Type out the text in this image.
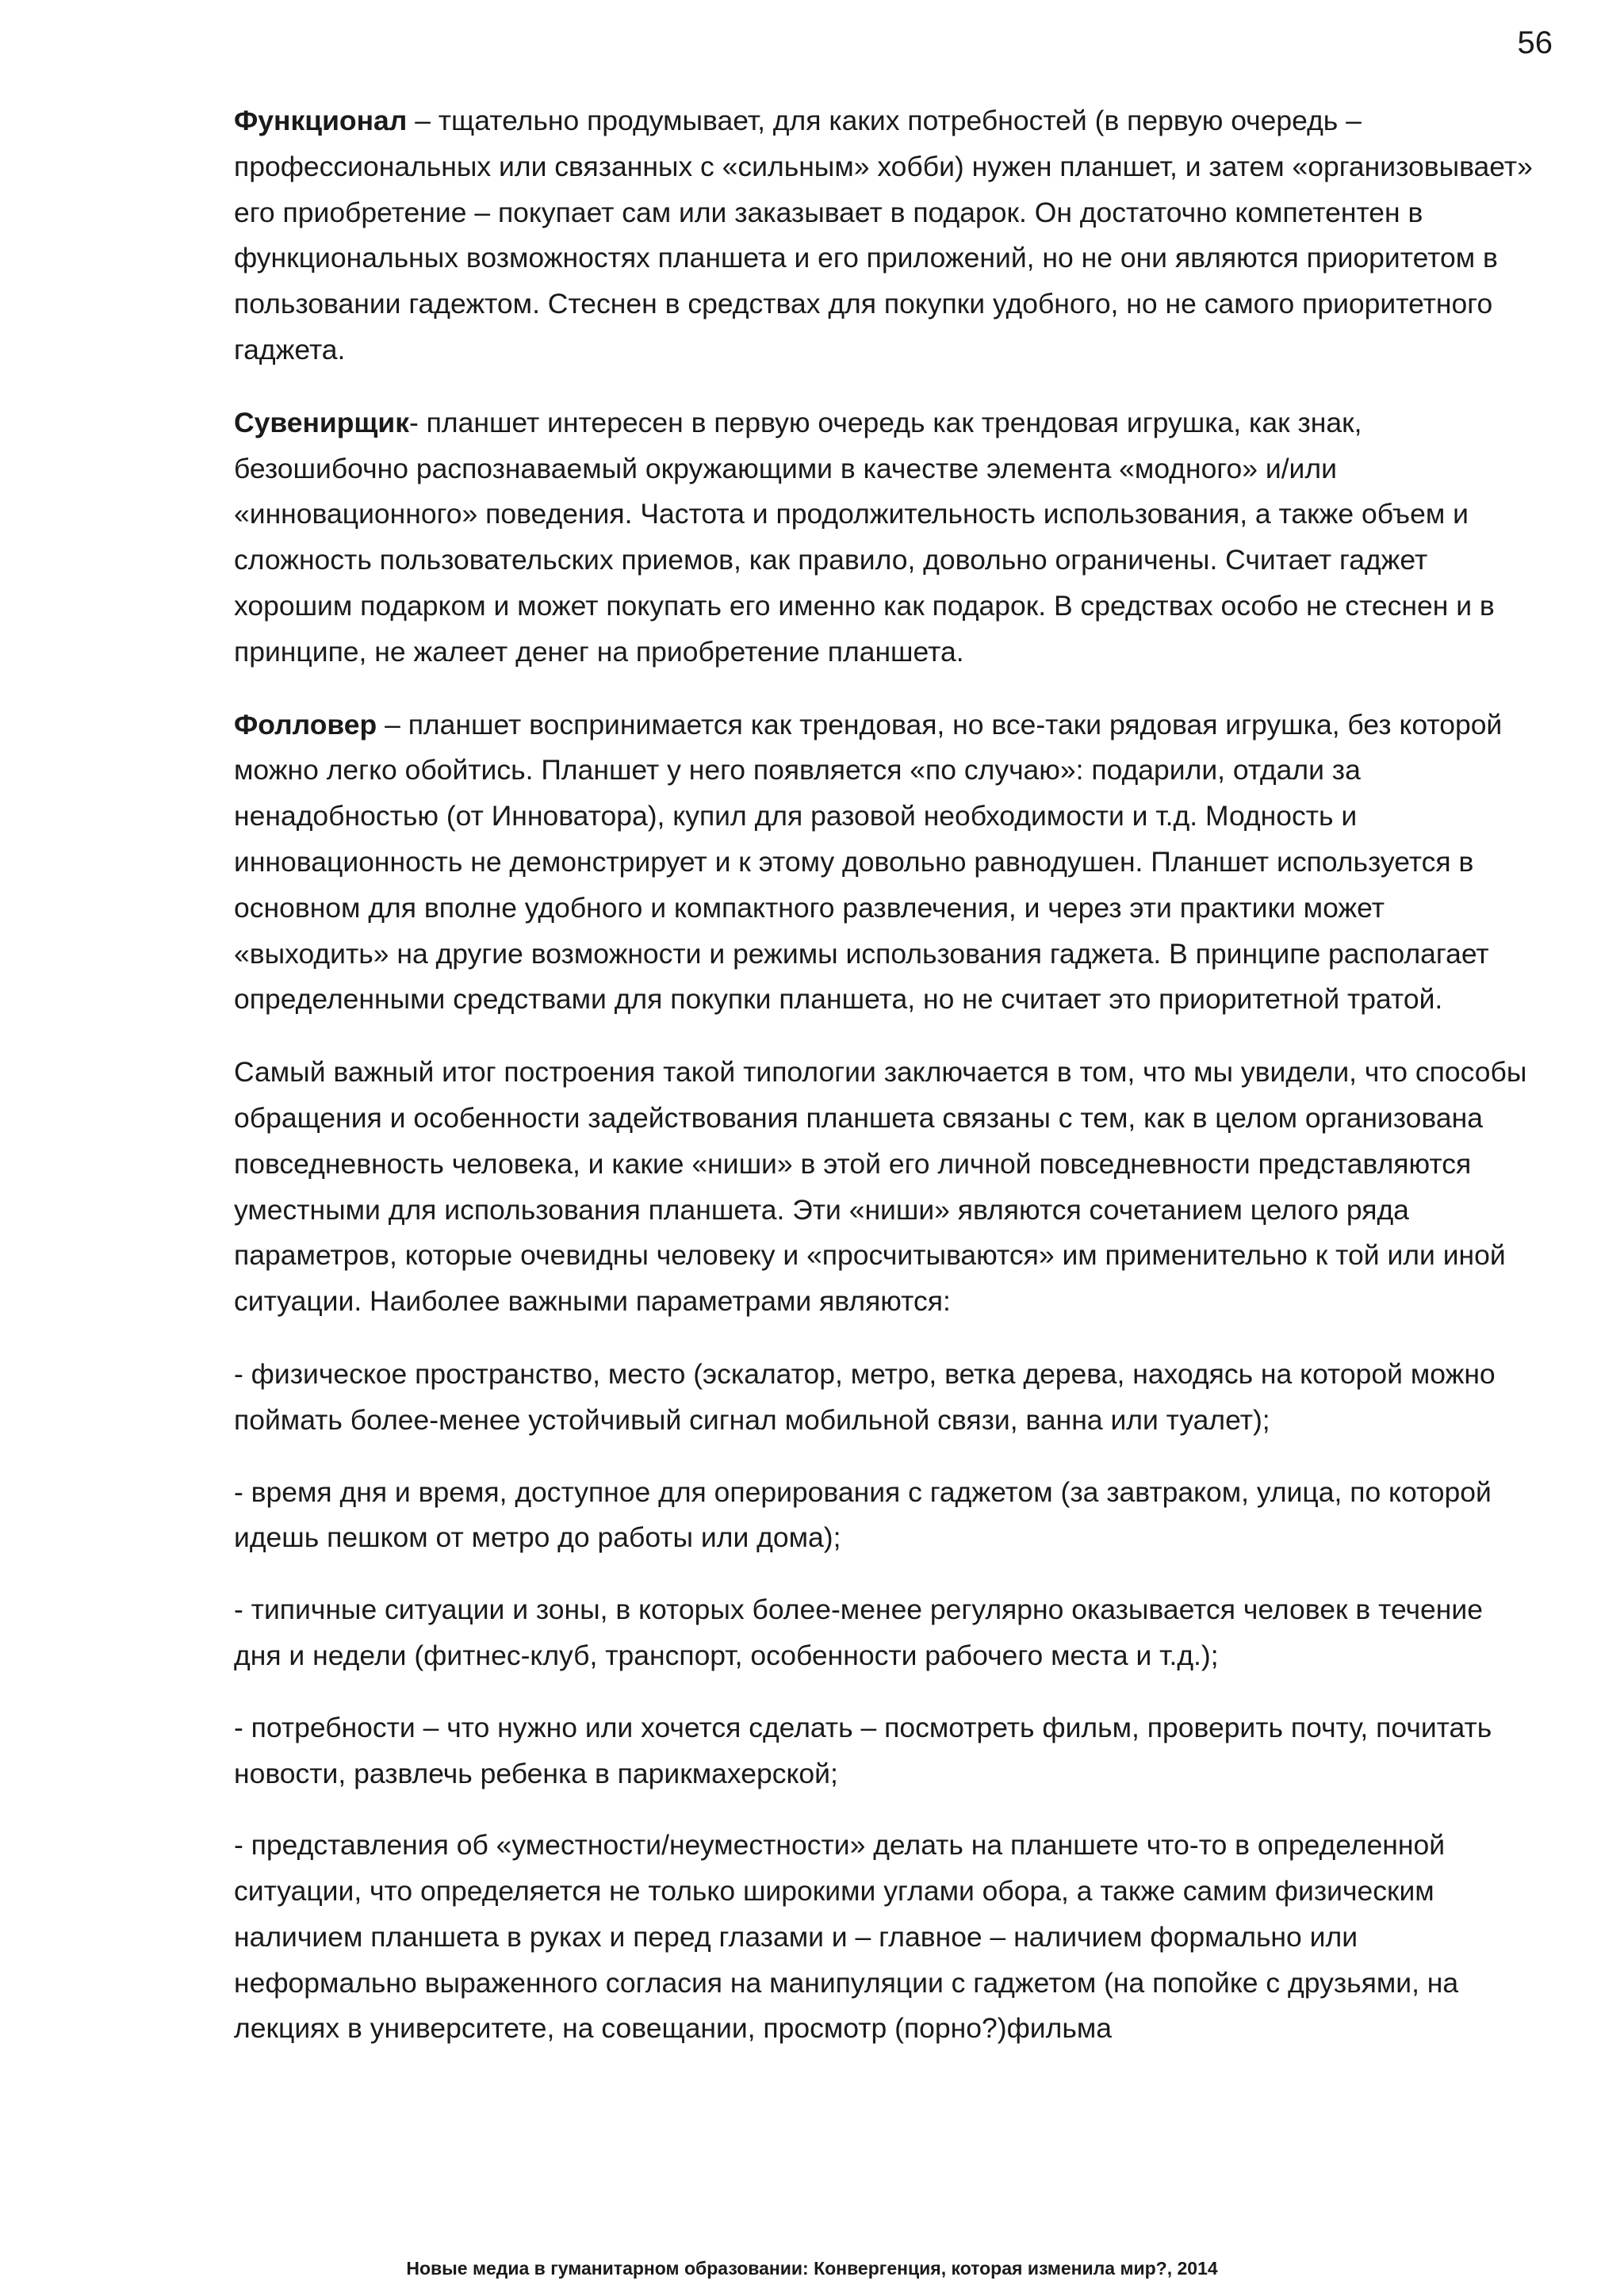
56

Функционал – тщательно продумывает, для каких потребностей (в первую очередь – профессиональных или связанных с «сильным» хобби) нужен планшет, и затем «организовывает» его приобретение – покупает сам или заказывает в подарок. Он достаточно компетентен в функциональных возможностях планшета и его приложений, но не они являются приоритетом в пользовании гадежтом. Стеснен в средствах для покупки удобного, но не самого приоритетного гаджета.

Сувенирщик- планшет интересен в первую очередь как трендовая игрушка, как знак, безошибочно распознаваемый окружающими в качестве элемента «модного» и/или «инновационного» поведения. Частота и продолжительность использования, а также объем и сложность пользовательских приемов, как правило, довольно ограничены. Считает гаджет хорошим подарком и может покупать его именно как подарок. В средствах особо не стеснен и в принципе, не жалеет денег на приобретение планшета.

Фолловер – планшет воспринимается как трендовая, но все-таки рядовая игрушка, без которой можно легко обойтись. Планшет у него появляется «по случаю»: подарили, отдали за ненадобностью (от Инноватора), купил для разовой необходимости и т.д. Модность и инновационность не демонстрирует и к этому довольно равнодушен. Планшет используется в основном для вполне удобного и компактного развлечения, и через эти практики может «выходить» на другие возможности и режимы использования гаджета. В принципе располагает определенными средствами для покупки планшета, но не считает это приоритетной тратой.

Самый важный итог построения такой типологии заключается в том, что мы увидели, что способы обращения и особенности задействования планшета связаны с тем, как в целом организована повседневность человека, и какие «ниши» в этой его личной повседневности представляются уместными для использования планшета. Эти «ниши» являются сочетанием целого ряда параметров, которые очевидны человеку и «просчитываются» им применительно к той или иной ситуации. Наиболее важными параметрами являются:

- физическое пространство, место (эскалатор, метро, ветка дерева, находясь на которой можно поймать более-менее устойчивый сигнал мобильной связи, ванна или туалет);

- время дня и время, доступное для оперирования с гаджетом (за завтраком, улица, по которой идешь пешком от метро до работы или дома);

- типичные ситуации и зоны, в которых более-менее регулярно оказывается человек в течение дня и недели (фитнес-клуб, транспорт, особенности рабочего места и т.д.);

- потребности – что нужно или хочется сделать – посмотреть фильм, проверить почту, почитать новости, развлечь ребенка в парикмахерской;

- представления об «уместности/неуместности» делать на планшете что-то в определенной ситуации, что определяется не только широкими углами обора, а также самим физическим наличием планшета в руках и перед глазами и – главное – наличием формально или неформально выраженного согласия на манипуляции с гаджетом (на попойке с друзьями, на лекциях в университете, на совещании, просмотр (порно?)фильма

Новые медиа в гуманитарном образовании: Конвергенция, которая изменила мир?, 2014
